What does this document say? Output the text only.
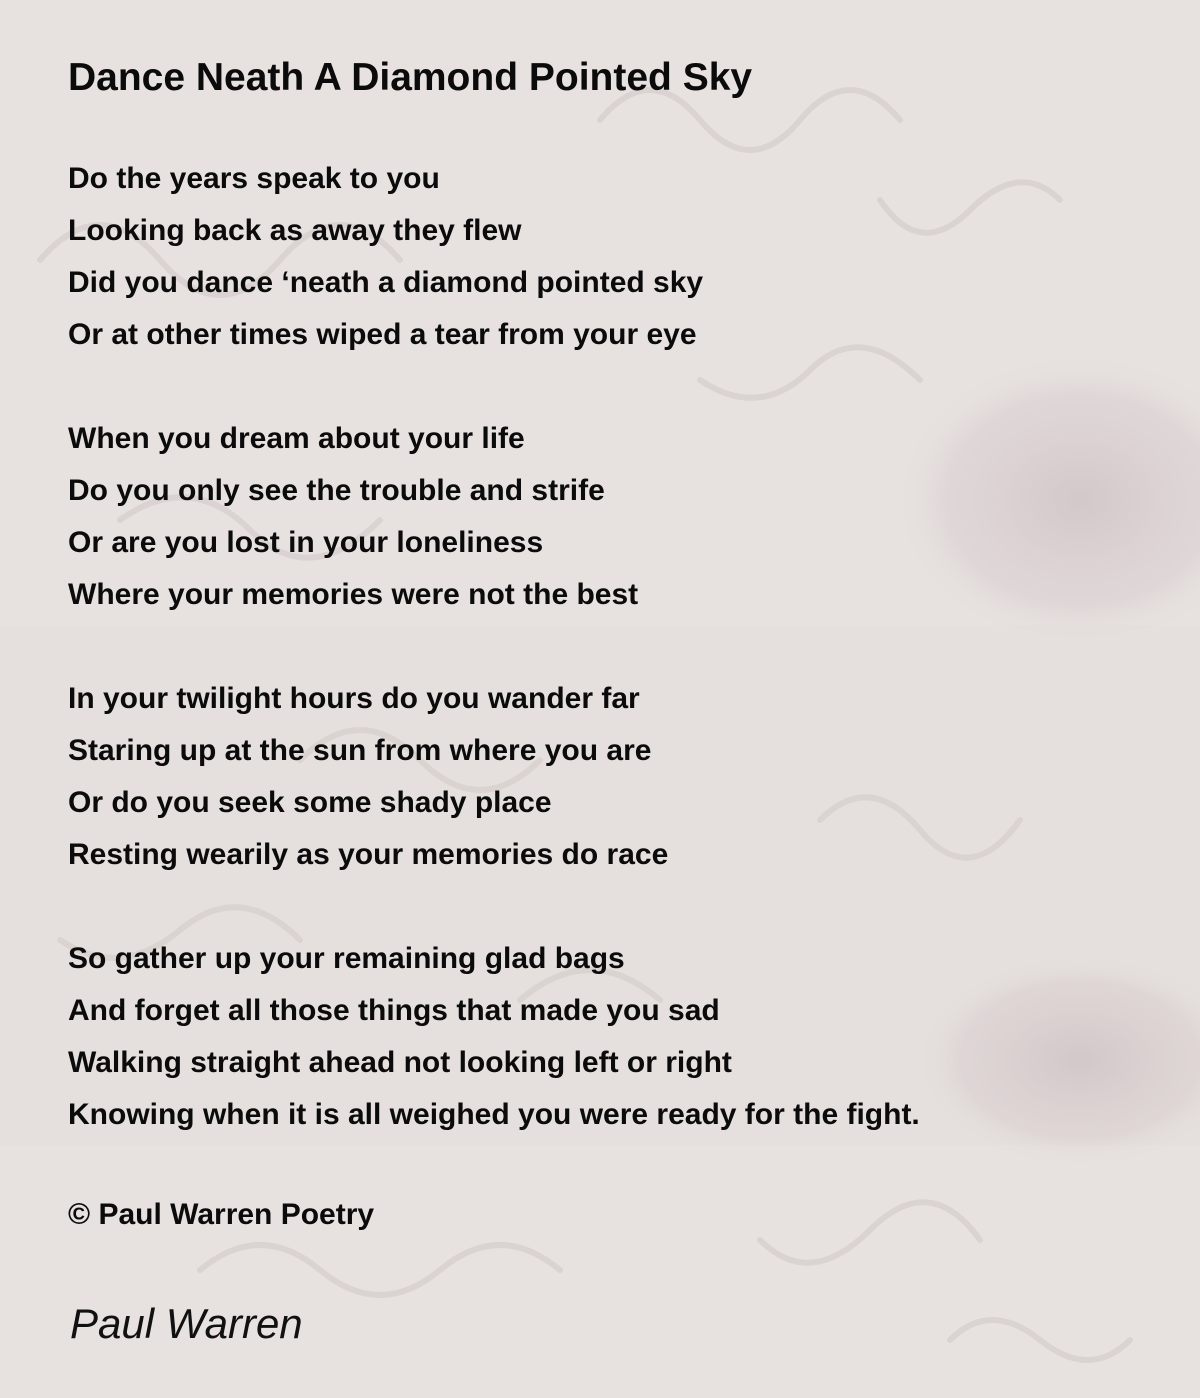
Dance Neath A Diamond Pointed Sky
Do the years speak to you
Looking back as away they flew
Did you dance ‘neath a diamond pointed sky
Or at other times wiped a tear from your eye
When you dream about your life
Do you only see the trouble and strife
Or are you lost in your loneliness
Where your memories were not the best
In your twilight hours do you wander far
Staring up at the sun from where you are
Or do you seek some shady place
Resting wearily as your memories do race
So gather up your remaining glad bags
And forget all those things that made you sad
Walking straight ahead not looking left or right
Knowing when it is all weighed you were ready for the fight.
© Paul Warren Poetry
Paul Warren
